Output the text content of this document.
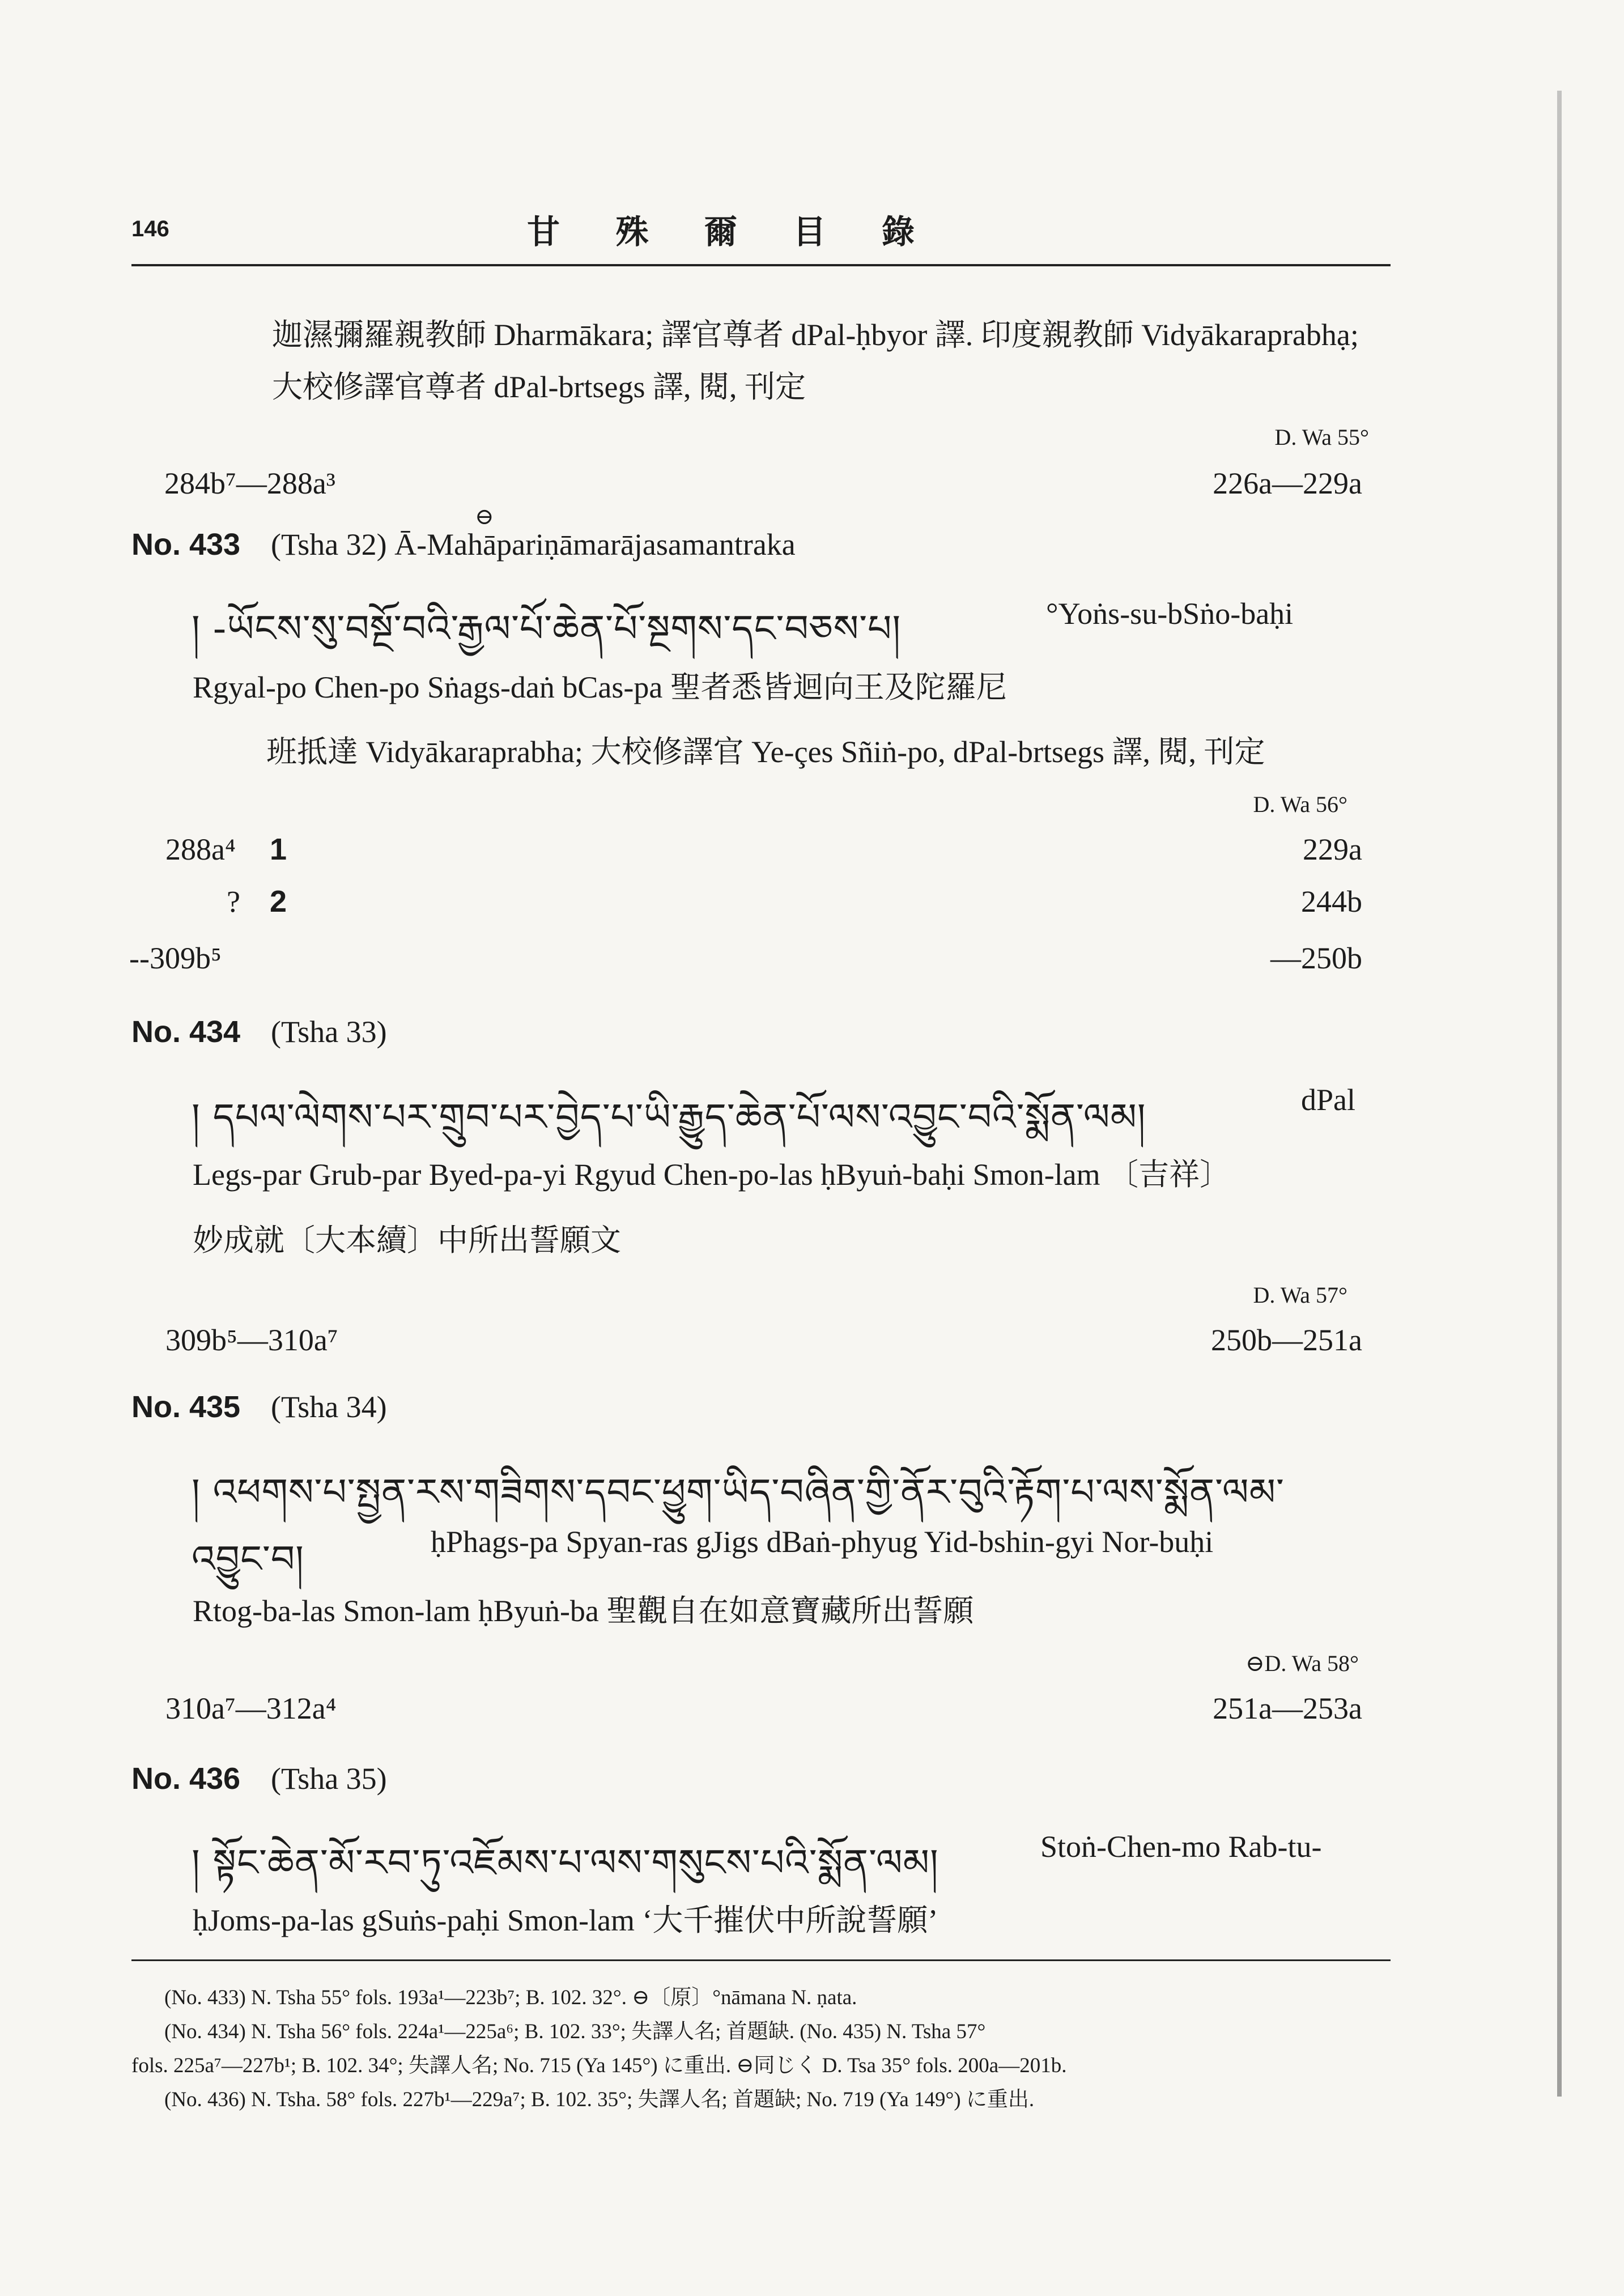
146	甘 殊 爾 目 錄
迦濕彌羅親教師 Dharmākara; 譯官尊者 dPal-ḥbyor 譯. 印度親教師 Vidyākaraprabhạ;
大校修譯官尊者 dPal-brtsegs 譯, 閱, 刊定
D. Wa 55°
284b⁷—288a³	226a—229a
⊖
No. 433 (Tsha 32) Ā-Mahāpariṇāmarājasamantraka
། -ཡོངས་སུ་བསྔོ་བའི་རྒྱལ་པོ་ཆེན་པོ་སྔགས་དང་བཅས་པ།	°Yoṅs-su-bSṅo-baḥi
Rgyal-po Chen-po Sṅags-daṅ bCas-pa 聖者悉皆迴向王及陀羅尼
班抵達 Vidyākaraprabha; 大校修譯官 Ye-çes Sñiṅ-po, dPal-brtsegs 譯, 閱, 刊定
D. Wa 56°
288a⁴ 1	229a
? 2	244b
--309b⁵	—250b
No. 434 (Tsha 33)
། དཔལ་ལེགས་པར་གྲུབ་པར་བྱེད་པ་ཡི་རྒྱུད་ཆེན་པོ་ལས་འབྱུང་བའི་སྨོན་ལམ།	dPal
Legs-par Grub-par Byed-pa-yi Rgyud Chen-po-las ḥByuṅ-baḥi Smon-lam 〔吉祥〕
妙成就〔大本續〕中所出誓願文
D. Wa 57°
309b⁵—310a⁷	250b—251a
No. 435 (Tsha 34)
། འཕགས་པ་སྤྱན་རས་གཟིགས་དབང་ཕྱུག་ཡིད་བཞིན་གྱི་ནོར་བུའི་རྟོག་པ་ལས་སྨོན་ལམ་
འབྱུང་བ།	ḥPhags-pa Spyan-ras gJigs dBaṅ-phyug Yid-bshin-gyi Nor-buḥi
Rtog-ba-las Smon-lam ḥByuṅ-ba 聖觀自在如意寶藏所出誓願
⊖D. Wa 58°
310a⁷—312a⁴	251a—253a
No. 436 (Tsha 35)
། སྟོང་ཆེན་མོ་རབ་ཏུ་འཇོམས་པ་ལས་གསུངས་པའི་སྨོན་ལམ།	Stoṅ-Chen-mo Rab-tu-
ḥJoms-pa-las gSuṅs-paḥi Smon-lam ‘大千摧伏中所說誓願’
(No. 433) N. Tsha 55° fols. 193a¹—223b⁷; B. 102. 32°. ⊖〔原〕°nāmana N. ṇata.
(No. 434) N. Tsha 56° fols. 224a¹—225a⁶; B. 102. 33°; 失譯人名; 首題缺. (No. 435) N. Tsha 57°
fols. 225a⁷—227b¹; B. 102. 34°; 失譯人名; No. 715 (Ya 145°) に重出. ⊖同じく D. Tsa 35° fols. 200a—201b.
(No. 436) N. Tsha. 58° fols. 227b¹—229a⁷; B. 102. 35°; 失譯人名; 首題缺; No. 719 (Ya 149°) に重出.
